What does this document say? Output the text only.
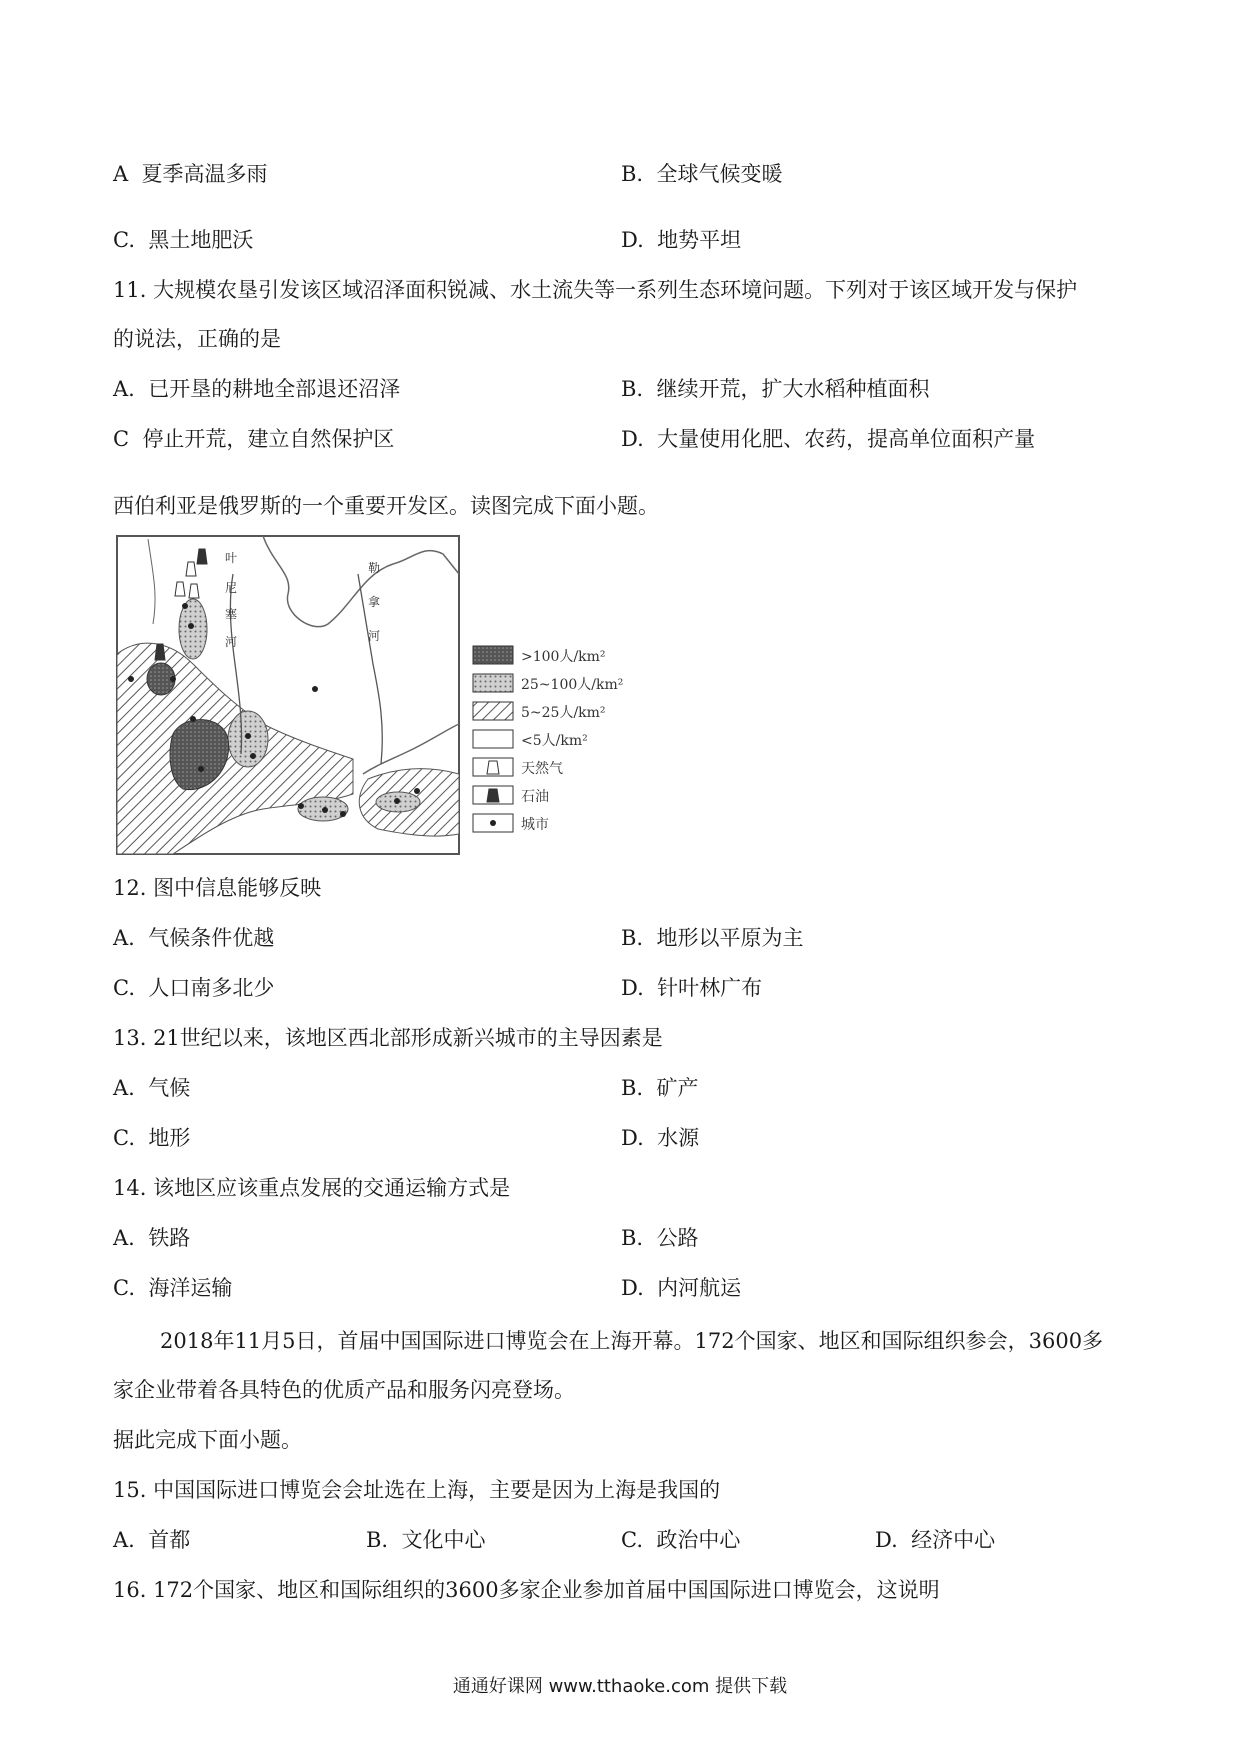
A 夏季高温多雨	B. 全球气候变暖
C. 黑土地肥沃	D. 地势平坦
11. 大规模农垦引发该区域沼泽面积锐减、水土流失等一系列生态环境问题。下列对于该区域开发与保护
的说法，正确的是
A. 已开垦的耕地全部退还沼泽	B. 继续开荒，扩大水稻种植面积
C 停止开荒，建立自然保护区	D. 大量使用化肥、农药，提高单位面积产量
西伯利亚是俄罗斯的一个重要开发区。读图完成下面小题。
叶
尼
塞
河
勒
拿
河
>100人/km²
25~100人/km²
5~25人/km²
<5人/km²
天然气
石油
城市
12. 图中信息能够反映
A. 气候条件优越	B. 地形以平原为主
C. 人口南多北少	D. 针叶林广布
13. 21世纪以来，该地区西北部形成新兴城市的主导因素是
A. 气候	B. 矿产
C. 地形	D. 水源
14. 该地区应该重点发展的交通运输方式是
A. 铁路	B. 公路
C. 海洋运输	D. 内河航运
2018年11月5日，首届中国国际进口博览会在上海开幕。172个国家、地区和国际组织参会，3600多
家企业带着各具特色的优质产品和服务闪亮登场。
据此完成下面小题。
15. 中国国际进口博览会会址选在上海，主要是因为上海是我国的
A. 首都	B. 文化中心	C. 政治中心	D. 经济中心
16. 172个国家、地区和国际组织的3600多家企业参加首届中国国际进口博览会，这说明
通通好课网 www.tthaoke.com 提供下载
